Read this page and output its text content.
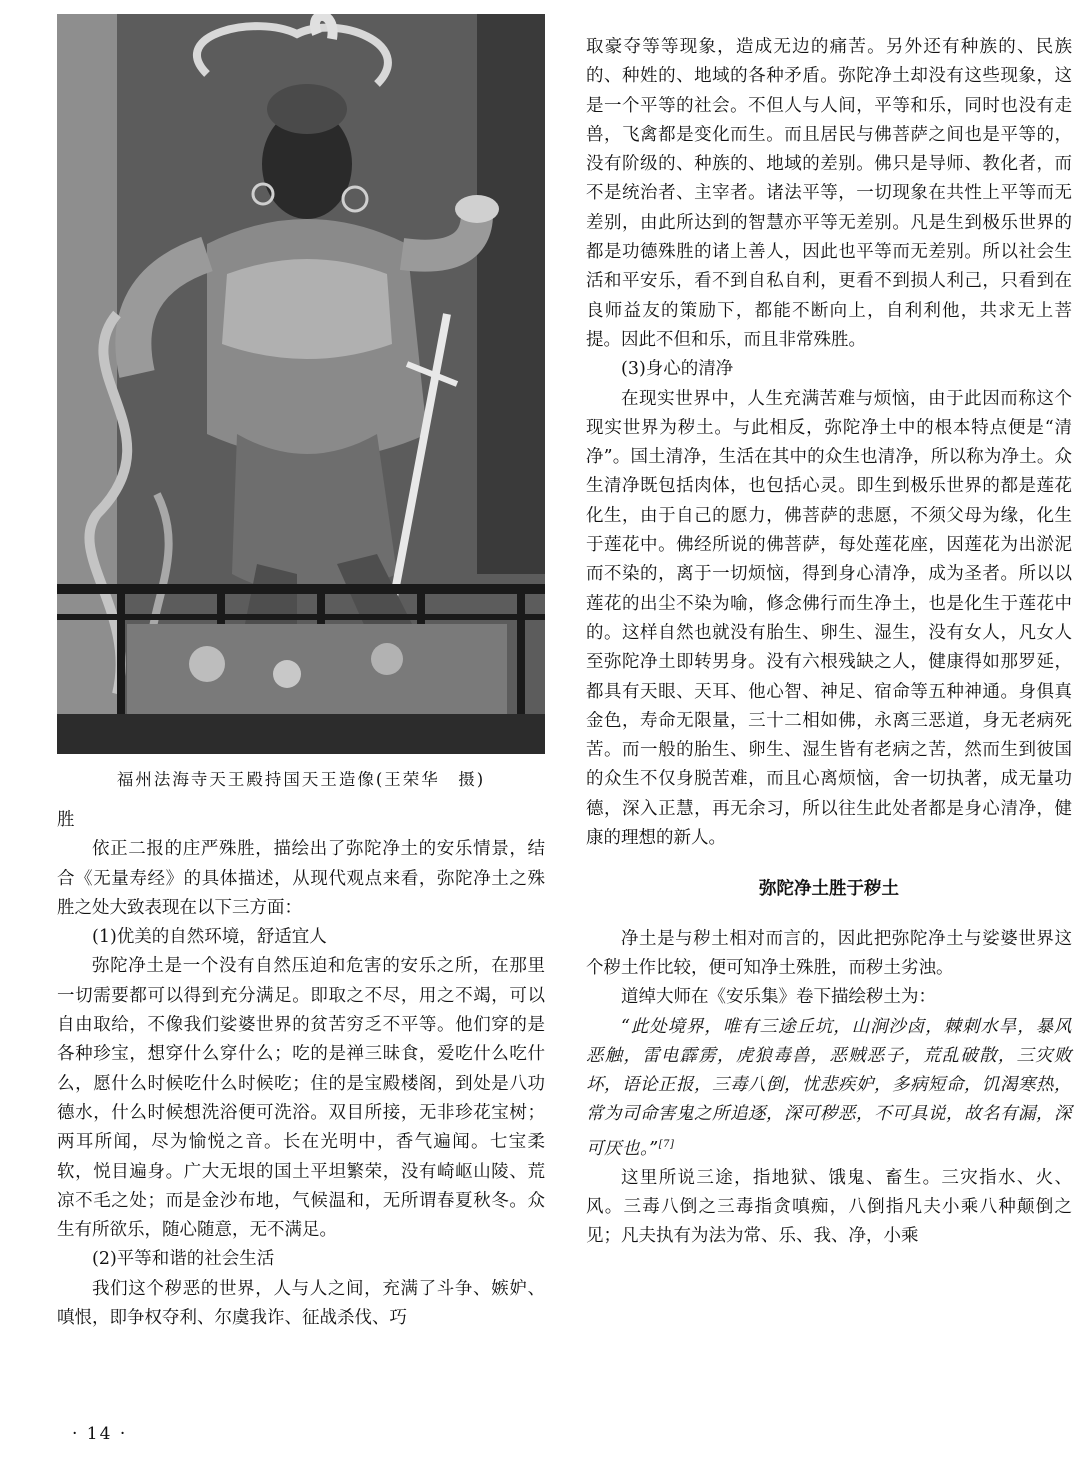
福州法海寺天王殿持国天王造像(王荣华　摄)

胜

依正二报的庄严殊胜，描绘出了弥陀净土的安乐情景，结合《无量寿经》的具体描述，从现代观点来看，弥陀净土之殊胜之处大致表现在以下三方面：

(1)优美的自然环境，舒适宜人

弥陀净土是一个没有自然压迫和危害的安乐之所，在那里一切需要都可以得到充分满足。即取之不尽，用之不竭，可以自由取给，不像我们娑婆世界的贫苦穷乏不平等。他们穿的是各种珍宝，想穿什么穿什么；吃的是禅三昧食，爱吃什么吃什么，愿什么时候吃什么时候吃；住的是宝殿楼阁，到处是八功德水，什么时候想洗浴便可洗浴。双目所接，无非珍花宝树；两耳所闻，尽为愉悦之音。长在光明中，香气遍闻。七宝柔软，悦目遍身。广大无垠的国土平坦繁荣，没有崎岖山陵、荒凉不毛之处；而是金沙布地，气候温和，无所谓春夏秋冬。众生有所欲乐，随心随意，无不满足。

(2)平等和谐的社会生活

我们这个秽恶的世界，人与人之间，充满了斗争、嫉妒、嗔恨，即争权夺利、尔虞我诈、征战杀伐、巧

取豪夺等等现象，造成无边的痛苦。另外还有种族的、民族的、种姓的、地域的各种矛盾。弥陀净土却没有这些现象，这是一个平等的社会。不但人与人间，平等和乐，同时也没有走兽，飞禽都是变化而生。而且居民与佛菩萨之间也是平等的，没有阶级的、种族的、地域的差别。佛只是导师、教化者，而不是统治者、主宰者。诸法平等，一切现象在共性上平等而无差别，由此所达到的智慧亦平等无差别。凡是生到极乐世界的都是功德殊胜的诸上善人，因此也平等而无差别。所以社会生活和平安乐，看不到自私自利，更看不到损人利己，只看到在良师益友的策励下，都能不断向上，自利利他，共求无上菩提。因此不但和乐，而且非常殊胜。

(3)身心的清净

在现实世界中，人生充满苦难与烦恼，由于此因而称这个现实世界为秽土。与此相反，弥陀净土中的根本特点便是“清净”。国土清净，生活在其中的众生也清净，所以称为净土。众生清净既包括肉体，也包括心灵。即生到极乐世界的都是莲花化生，由于自己的愿力，佛菩萨的悲愿，不须父母为缘，化生于莲花中。佛经所说的佛菩萨，每处莲花座，因莲花为出淤泥而不染的，离于一切烦恼，得到身心清净，成为圣者。所以以莲花的出尘不染为喻，修念佛行而生净土，也是化生于莲花中的。这样自然也就没有胎生、卵生、湿生，没有女人，凡女人至弥陀净土即转男身。没有六根残缺之人，健康得如那罗延，都具有天眼、天耳、他心智、神足、宿命等五种神通。身俱真金色，寿命无限量，三十二相如佛，永离三恶道，身无老病死苦。而一般的胎生、卵生、湿生皆有老病之苦，然而生到彼国的众生不仅身脱苦难，而且心离烦恼，舍一切执著，成无量功德，深入正慧，再无余习，所以往生此处者都是身心清净，健康的理想的新人。

弥陀净土胜于秽土

净土是与秽土相对而言的，因此把弥陀净土与娑婆世界这个秽土作比较，便可知净土殊胜，而秽土劣浊。

道绰大师在《安乐集》卷下描绘秽土为：

“此处境界，唯有三途丘坑，山涧沙卤，棘刺水旱，暴风恶触，雷电霹雳，虎狼毒兽，恶贼恶子，荒乱破散，三灾败坏，语论正报，三毒八倒，忧悲疾妒，多病短命，饥渴寒热，常为司命害鬼之所追逐，深可秽恶，不可具说，故名有漏，深可厌也。”[7]

这里所说三途，指地狱、饿鬼、畜生。三灾指水、火、风。三毒八倒之三毒指贪嗔痴，八倒指凡夫小乘八种颠倒之见；凡夫执有为法为常、乐、我、净，小乘

· 14 ·
